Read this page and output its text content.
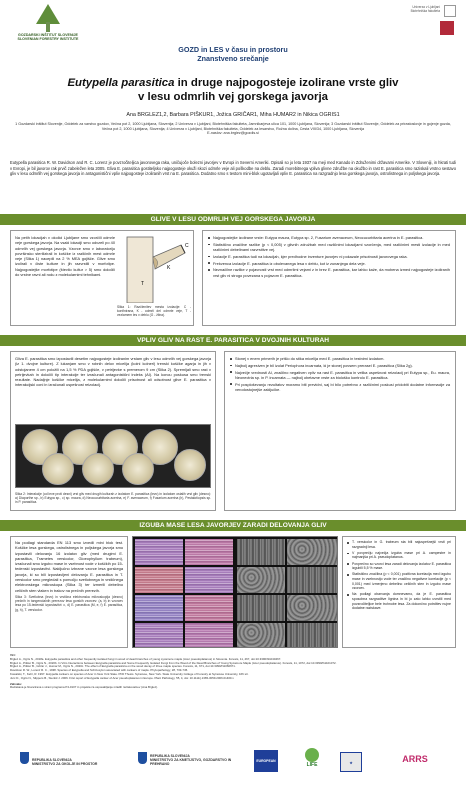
GOZDARSKI INŠTITUT SLOVENIJE
SLOVENIAN FORESTRY INSTITUTE
Univerza v Ljubljani
Biotehniška fakulteta
GOZD in LES v času in prostoru
Znanstveno srečanje
Eutypella parasitica in druge najpogosteje izolirane vrste gliv
v lesu odmrlih vej gorskega javorja
Ana BRGLEZ1,2, Barbara PIŠKUR1, Jožica GRIČAR1, Miha HUMAR2 in Nikica OGRIS1
1 Gozdarski inštitut Slovenije, Oddelek za varstvo gozdov, Večna pot 2, 1000 Ljubljana, Slovenija; 2 Univerza v Ljubljani, Biotehniška fakulteta, Jamnikarjeva ulica 101, 1000 Ljubljana, Slovenija; 3 Gozdarski inštitut Slovenije, Oddelek za prirastoslovje in gojenje gozda, Večna pot 2, 1000 Ljubljana, Slovenija; 4 Univerza v Ljubljani, Biotehniška fakulteta, Oddelek za lesarstvo, Rožna dolina, Cesta VIII/34, 1000 Ljubljana, Slovenija
E-naslov: ana.brglez@gozdis.si
Eutypella parasitica R. W. Davidson and R. C. Lorenz je povzročiteljica javorovega raka, uničujoče bolezni javorjev v Evropi in Severni Ameriki. Opisali so jo leta 1937 na meji med Kanado in Združenimi državami Amerike. V Sloveniji, in hkrati tudi v Evropi, je bil javorov rak prvič zabeležen leta 2005. Gliva E. parasitica gostiteljsko najpogosteje okuži skozi odmrle veje ali poškodbe na deblu. Zaradi morebitnega vpliva glivne združbe na okužbo in rast E. parasitica smo raziskali vrstno sestavo gliv v lesu odmrlih vej gorskega javorja in antagonistični vpliv najpogosteje izoliranih vrst na E. parasitica. Dodatno smo s testom mini-blok ugotavljali vpliv E. parasitica na razgradnjo lesa gorskega javorja, ostrolistnega in poljskega javorja.
GLIVE V LESU ODMRLIH VEJ GORSKEGA JAVORJA
Na petih lokacijah v okolici Ljubljane smo vzorčili odmrle veje gorskega javorja. Na vsaki lokaciji smo odvzeli po 40 odmrlih vej gorskega javorja. Vzorce smo v laboratoriju površinsko sterilizirali in koščke iz različnih mest odmrle veje (Slika 1) nacepili na 2 % MEA gojišče. Glive smo izolirali v čiste kulture in jih razvrstili v morfotipe. Najpogostejše morfotipe (število kultur > 5) smo določili do vrstne ravni ali rodu z molekularnimi tehnikami.
C
K
T
Slika 1: Razčlenitev mesta izolacije: C - konfinirana, K - odmrli del odmrle veje, T - vezlamem les v deblu (G - žilna).
Najpogostejše izolirane vrste: Eutypa maura, Eutypa sp. 2, Fusarium avenaceum, Neocucurbitaria acerina in E. parasitica.
Statistično značilne razlike (p < 0,005) v glivnih združbah med različnimi lokacijami vzorčenja, med različnimi mesti izolacije in med različnimi debelinami razvrstitve vej.
Izolacije E. parasitica tudi na lokacijah, kjer predhodne inventure javorjev ni pokazale prisotnosti javorovega raka.
Frekvenca izolacije E. parasitica iz obolevanega lesa v deblu, kot iz zunanjega dela veje.
Neznačilne razlike v pojavnosti vrst med odmrlimi vejami z in brez E. parasitica, kar lahko kaže, da mobena izmed najpogosteje izoliranih vrst gliv ni strogo povezana s pojavom E. parasitica.
VPLIV GLIV NA RAST E. PARASITICA V DVOJNIH KULTURAH
Gliva E. parasitica smo izpostavili desetim najpogosteje izoliranim vrstam gliv v lesu odmrlih vej gorskega javorja (iz 1. dvojne kulture). Z lukanjam smo v robnih delov micelija (kolni kolnerl) trenski koščke agarja in jih v odstojanem 4 cm položili na 1,5 % PDA gojišče, v petrijevke s premerom 9 cm (Slika 2). Spremljali smo rast v petrijevkah in določili tip interakcije ter izračunali antagonistični indeks (AI). Na koncu poskusa smo trenski rezultate. Nadaljnje koščke micelija, z molekularnimi določili prisotnost ali odsotnost glive E. parasitica v interakcijski coni in izračunali uspešnost reizolacij.
Slika 2: Interakcije (od leve proti desni) vrst gliv med drugih kulturah z izolatom E. parasitica (levo) in izolatom ostalih vrst gliv (desno): a) Diaporthe sp., b) Eutypa sp., c) sp. maura, d) Neocucurbitaria acerina, e) F. avenaceum, f) Fusarium acerina (h), Pestalotiopsis sp. in P. parasitica.
Stonej v enem primerih je prišlo do stika micelija med E. parasitica in testnimi izolatom.
Najbolj agresiven je bil izolat Periophora incarnata, ki je stonej povsem prerasel E. parasitica (Slika 2g).
Največje vrednosti AI, značilno negativen vpliv na rast E. parasitica in velika uspešnost reizolacij pri Eutypa sp., Eu. maura, Neonectria sp. in P. incarnata — najbolj obetavne vrste za biološko kontrolo E. parasitica.
Pri posploševanju rezultatov moramo biti previdni, saj bi bilo potrebno z različnimi poskusi pridobiti dodatne informacije za verodostojnejše zaključke.
IZGUBA MASE LESA JAVORJEV ZARADI DELOVANJA GLIV
Na podlagi standarda EN 113 smo izvedli mini blok test. Koščke lesa gorskega, ostrolistnega in poljskega javorja smo izpostavili delovanju 16 izolatov gliv (med drugimi E. parasitica, Trametes versicolor, Gloeophyllum trabeum), izračunali smo izgubo mase in vsebnost vode v koščkih po 15-tedenski izpostavitvi. Naključno izbrane vzorce lesa gorskega javorja, ki so bili izpostavljeni delovanju E. parasitica in T. versicolor smo pregledali s pomočjo svetlobnega in vrstičnega elektronskega mikroskopa (Slika 3) ter izmerili debelino celičnih sten vlaken in trakov na prečnih prerezih.
Slika 3: Svetlobna (levo) in vrstična elektronska mikroskopija (desno) prečnih in tangencialnih prerezov lesa gorskih vzorcev: (a, b) in vzorcev lesa po 15-tedenski izpostavitvi: c, d) E. parasitica (M, e, f) E. parasitica, (g, h), T. versicolor.
T. versicolor in G. trabeum sta bili najuspešnejši vrsti pri razgradnji lesa.
V povprečju največja izguba mase pri A. campestre in najmanjša pri A. pseudoplatanus.
Povprečno so vzorci lesa zaradi delovanja izolatov E. parasitica izgubili 5,5 % mase.
Statistično značilna (p < 0,001) pozitivna korelacija med izgubo mase in vsebnostjo vode ter značilno negativne korelacije (p < 0,001) med izmerjeno debelino celičnih sten in izgubo mase vzorcev.
Na podlagi obarvanja domnevamo, da je E. parasitica sposobna razgraditve lignina in bi jo zato lahko uvrstili med povzročiteljice bele trohnobe lesa. Za dokončno potrditev nujne dodatne raziskave.
Viri:
Brglez A., Ogris N., 2018a. Eutypella parasitica and other frequently isolated fungi in wood of dead branches of young sycamore maple (Acer pseudoplatanus) in Slovenia. Forests, 11, 467, doi:10.3390/f11040467.
Brglez A., Piškur B., Ogris N., 2020b. In Vitro Interactions between Eutypella parasitica and Some Frequently Isolated Fungi from the Wood of the Dead Branches of Young Sycamore Maple (Acer pseudoplatanus). Forests, 11, 1072, doi:10.3390/f11101072.
Brglez A., Piškur B., Gričar J., Humar M., Ogris N., 2020c. The effect of Eutypella parasitica on the wood decay of three maple species. Forests, 11, 671, doi:10.3390/f11060671.
Davidson R. W., Lorenz R. C., 1938. Species of Eutypella and Schizoxylon associated with cankers of maple. Phytopathology, 28, 733-745.
Kowalski, T., Kehr, R. 1997. Eutypella cankers on species of Acer in New York State. PhD Thesis. Syracuse, New York. State University College of Forestry at Syracuse University, 166 str.
Jurc D., Ogris N., Slippers B., Stenlid J. 2006. First report of Eutypella canker of Acer pseudoplatanus in Europe. Plant Pathology, 55, 4, doi: 10.1111/j.1365-3059.2006.01460.x
Zahvala:
Raziskava je financirana s strani programa P4-0107 in projekta za usposabljanje mladih raziskovalcev (Ana Brglez).
REPUBLIKA SLOVENIJA
MINISTRSTVO ZA OKOLJE IN PROSTOR
REPUBLIKA SLOVENIJA
MINISTRSTVO ZA KMETIJSTVO, GOZDARSTVO IN PREHRANO
EUROPEAN UNION
LIFE	★	ARRS
